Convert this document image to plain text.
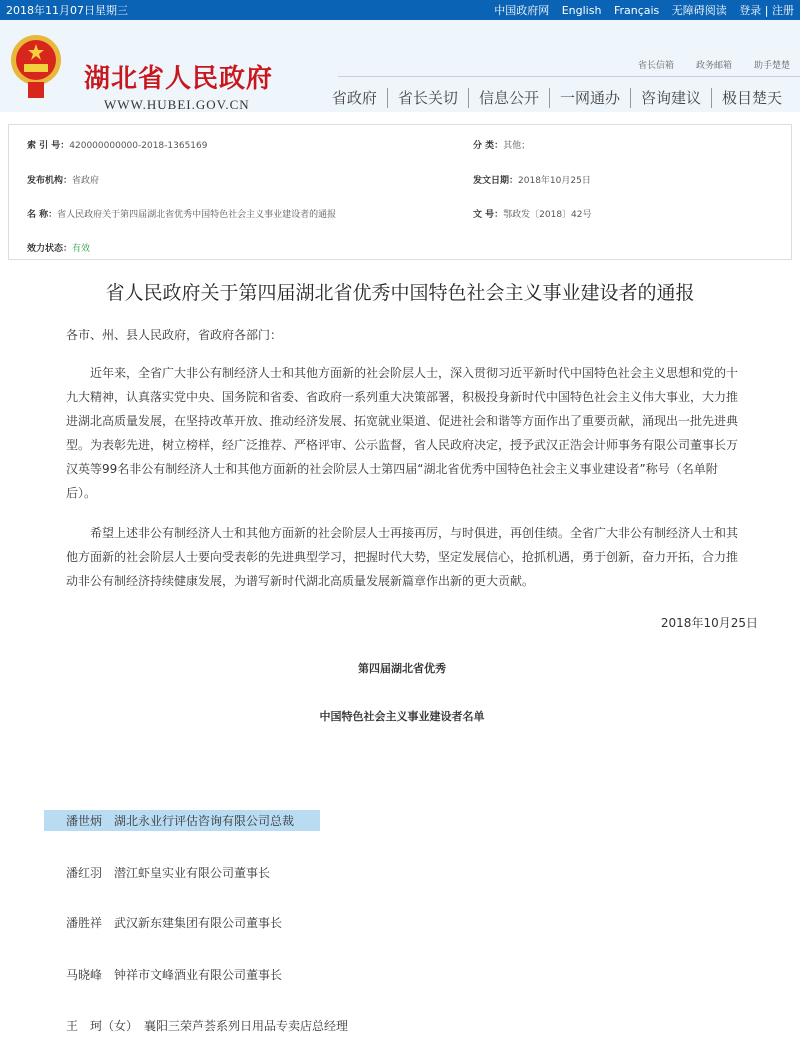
2018年11月07日星期三	中国政府网 English Français 无障碍阅读 登录 | 注册
湖北省人民政府
WWW.HUBEI.GOV.CN
省长信箱 政务邮箱 助手楚楚
省政府	省长关切	信息公开	一网通办	咨询建议	极目楚天
索 引 号：420000000000-2018-1365169	分 类：其他；
发布机构：省政府	发文日期：2018年10月25日
名 称：省人民政府关于第四届湖北省优秀中国特色社会主义事业建设者的通报	文 号：鄂政发〔2018〕42号
效力状态：有效
省人民政府关于第四届湖北省优秀中国特色社会主义事业建设者的通报
各市、州、县人民政府，省政府各部门：
近年来，全省广大非公有制经济人士和其他方面新的社会阶层人士，深入贯彻习近平新时代中国特色社会主义思想和党的十九大精神，认真落实党中央、国务院和省委、省政府一系列重大决策部署，积极投身新时代中国特色社会主义伟大事业，大力推进湖北高质量发展，在坚持改革开放、推动经济发展、拓宽就业渠道、促进社会和谐等方面作出了重要贡献，涌现出一批先进典型。为表彰先进，树立榜样，经广泛推荐、严格评审、公示监督，省人民政府决定，授予武汉正浩会计师事务有限公司董事长万汉英等99名非公有制经济人士和其他方面新的社会阶层人士第四届“湖北省优秀中国特色社会主义事业建设者”称号（名单附后）。
希望上述非公有制经济人士和其他方面新的社会阶层人士再接再厉，与时俱进，再创佳绩。全省广大非公有制经济人士和其他方面新的社会阶层人士要向受表彰的先进典型学习，把握时代大势，坚定发展信心，抢抓机遇，勇于创新，奋力开拓，合力推动非公有制经济持续健康发展，为谱写新时代湖北高质量发展新篇章作出新的更大贡献。
2018年10月25日
第四届湖北省优秀
中国特色社会主义事业建设者名单
潘世炳　湖北永业行评估咨询有限公司总裁
潘红羽　潜江虾皇实业有限公司董事长
潘胜祥　武汉新东建集团有限公司董事长
马晓峰　钟祥市文峰酒业有限公司董事长
王　珂（女）　襄阳三荣芦荟系列日用品专卖店总经理
